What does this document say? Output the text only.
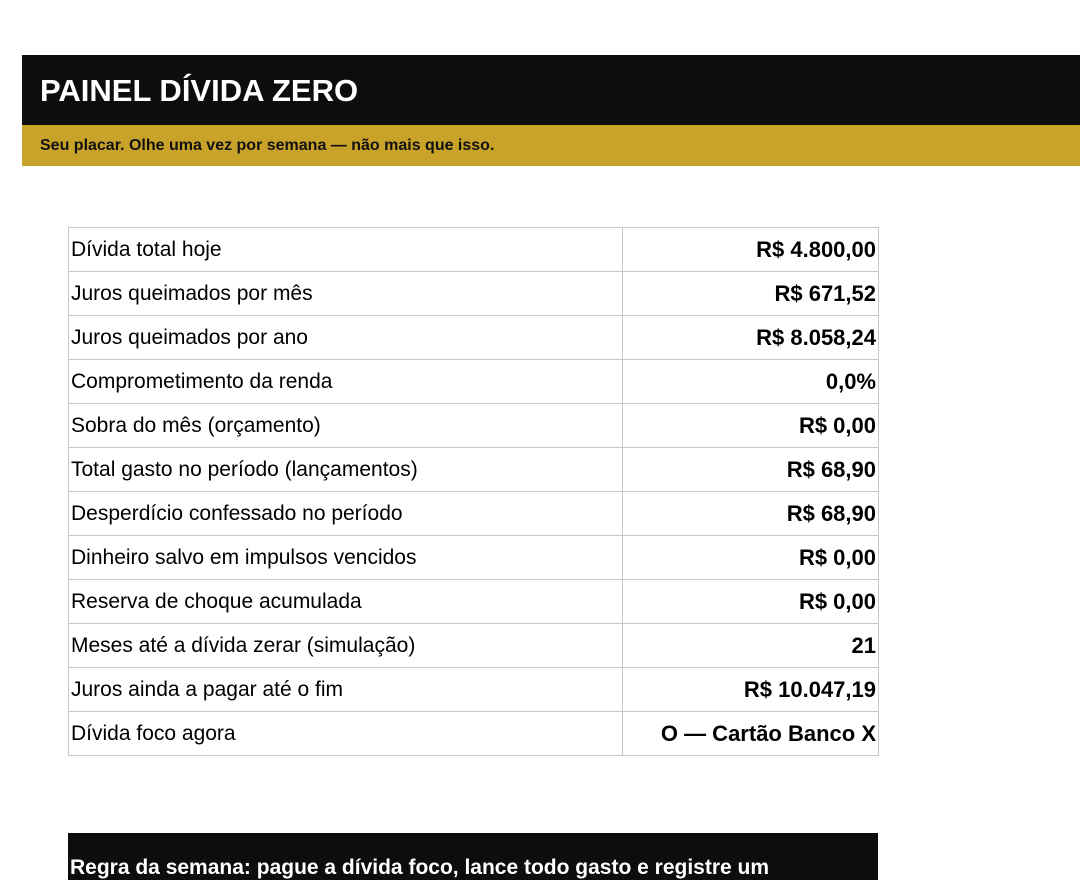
PAINEL DÍVIDA ZERO
Seu placar. Olhe uma vez por semana — não mais que isso.
Dívida total hoje	R$ 4.800,00
Juros queimados por mês	R$ 671,52
Juros queimados por ano	R$ 8.058,24
Comprometimento da renda	0,0%
Sobra do mês (orçamento)	R$ 0,00
Total gasto no período (lançamentos)	R$ 68,90
Desperdício confessado no período	R$ 68,90
Dinheiro salvo em impulsos vencidos	R$ 0,00
Reserva de choque acumulada	R$ 0,00
Meses até a dívida zerar (simulação)	21
Juros ainda a pagar até o fim	R$ 10.047,19
Dívida foco agora	O — Cartão Banco X
Regra da semana: pague a dívida foco, lance todo gasto e registre um
